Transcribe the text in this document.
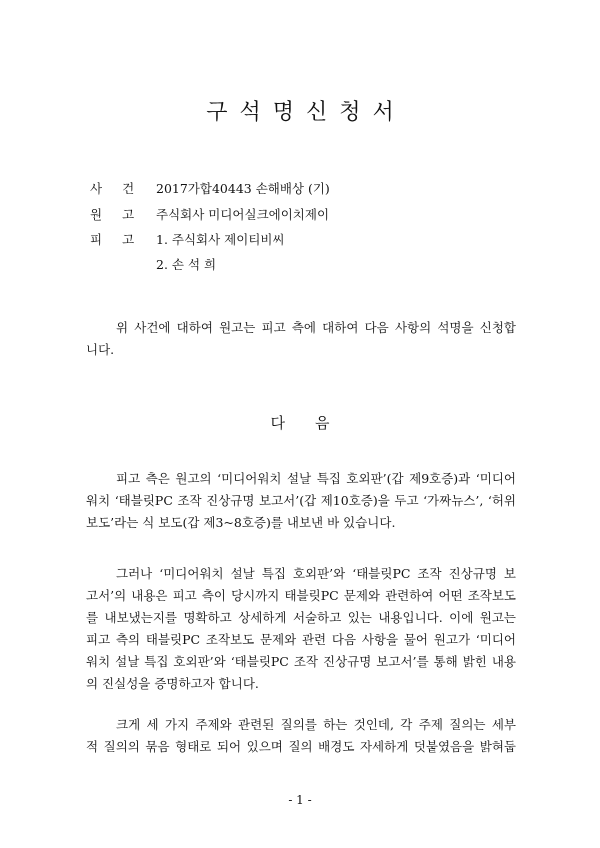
구석명신청서
사건 2017가합40443 손해배상 (기)
원고 주식회사 미디어실크에이치제이
피고 1. 주식회사 제이티비씨
2. 손 석 희
위 사건에 대하여 원고는 피고 측에 대하여 다음 사항의 석명을 신청합
니다.
다음
피고 측은 원고의 ‘미디어워치 설날 특집 호외판’(갑 제9호증)과 ‘미디어
워치 ‘태블릿PC 조작 진상규명 보고서’(갑 제10호증)을 두고 ‘가짜뉴스’, ‘허위
보도’라는 식 보도(갑 제3~8호증)를 내보낸 바 있습니다.
그러나 ‘미디어워치 설날 특집 호외판’와 ‘태블릿PC 조작 진상규명 보
고서’의 내용은 피고 측이 당시까지 태블릿PC 문제와 관련하여 어떤 조작보도
를 내보냈는지를 명확하고 상세하게 서술하고 있는 내용입니다. 이에 원고는
피고 측의 태블릿PC 조작보도 문제와 관련 다음 사항을 물어 원고가 ‘미디어
워치 설날 특집 호외판’와 ‘태블릿PC 조작 진상규명 보고서’를 통해 밝힌 내용
의 진실성을 증명하고자 합니다.
크게 세 가지 주제와 관련된 질의를 하는 것인데, 각 주제 질의는 세부
적 질의의 묶음 형태로 되어 있으며 질의 배경도 자세하게 덧붙였음을 밝혀둡
- 1 -
